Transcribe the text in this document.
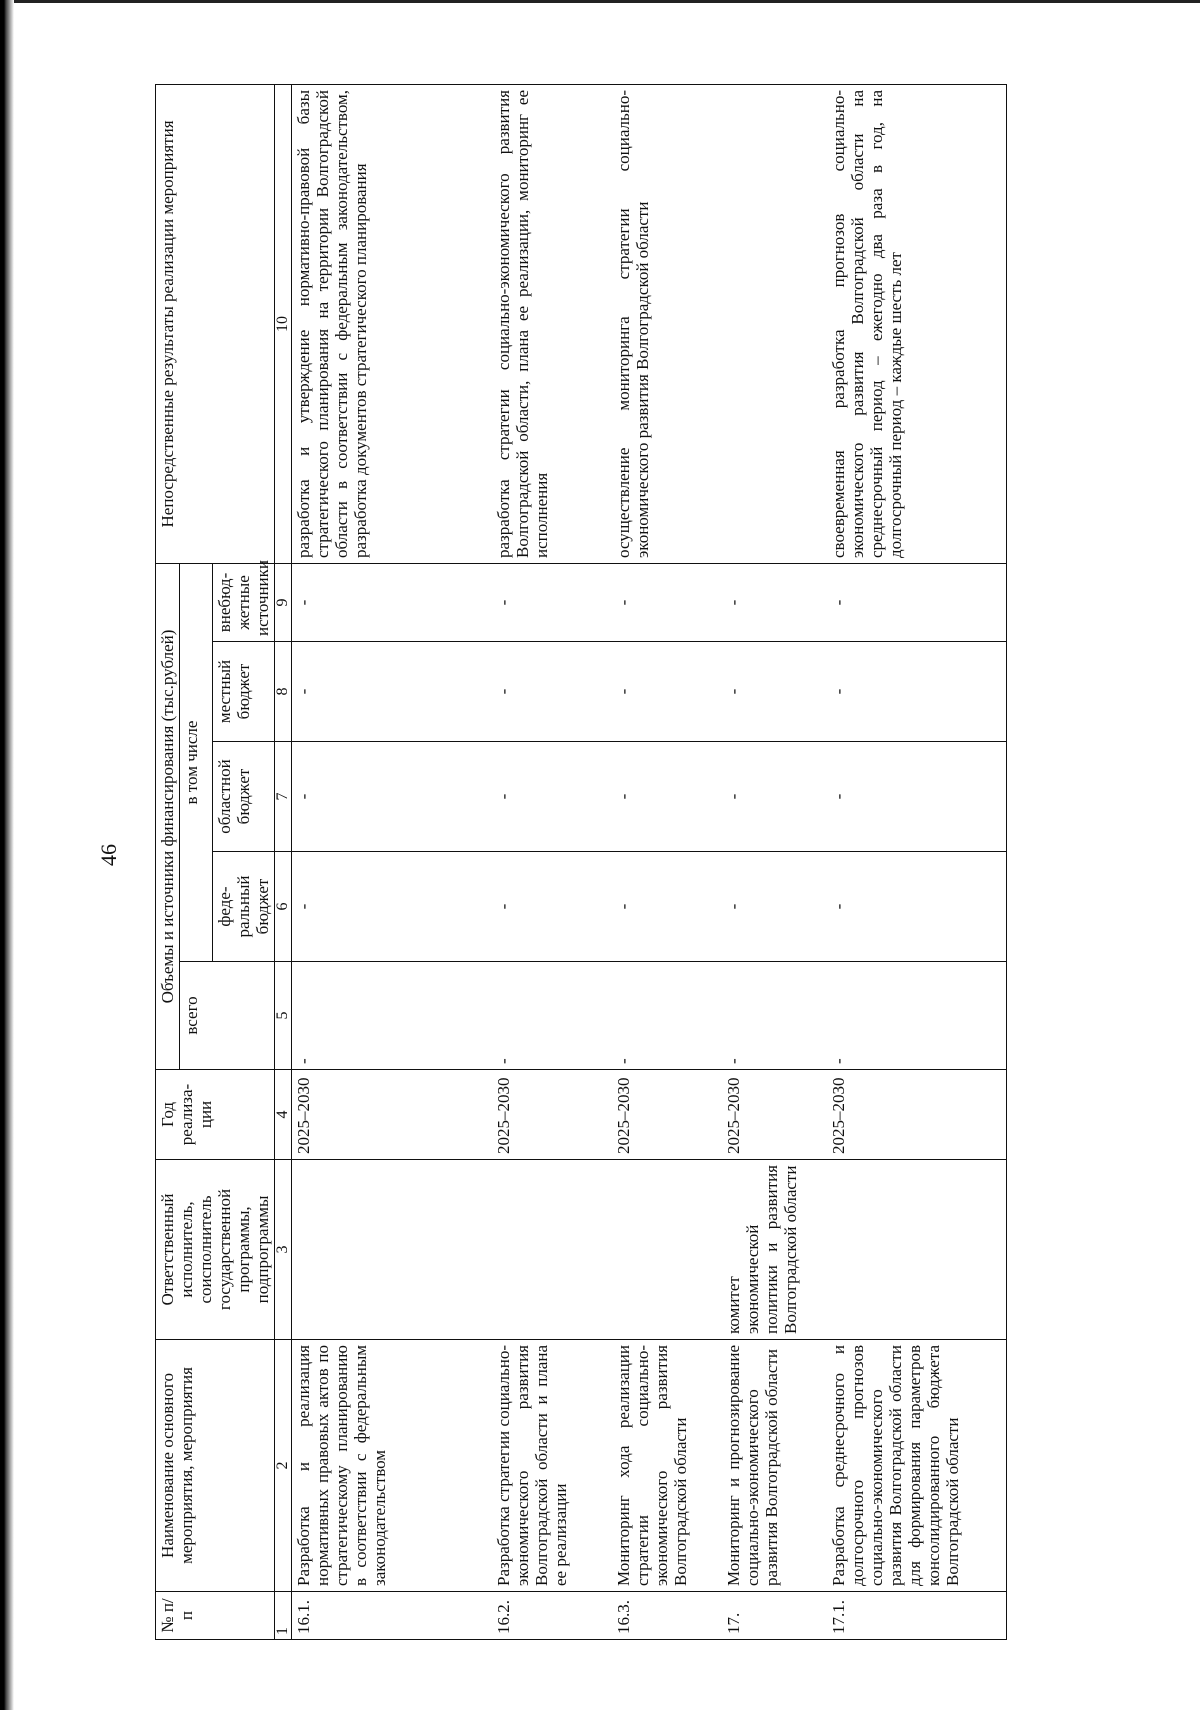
46
№ п/п	Наименование основного мероприятия, мероприятия	Ответственный исполнитель, соисполнитель государственной программы, подпрограммы	Год реализа-ции	Объемы и источники финансирования (тыс.рублей)					Непосредственные результаты реализации мероприятия
				всего	в том числе				
					феде-ральный бюджет	областной бюджет	местный бюджет	внебюд-жетные источники	
1	2	3	4	5	6	7	8	9	10
16.1.	Разработка и реализация нормативных правовых актов по стратегическому планированию в соответствии с федеральным законодательством		2025–2030	-	-	-	-	-	разработка и утверждение нормативно-правовой базы стратегического планирования на территории Волгоградской области в соответствии с федеральным законодательством, разработка документов стратегического планирования
16.2.	Разработка стратегии социально-экономического развития Волгоградской области и плана ее реализации		2025–2030	-	-	-	-	-	разработка стратегии социально-экономического развития Волгоградской области, плана ее реализации, мониторинг ее исполнения
16.3.	Мониторинг хода реализации стратегии социально-экономического развития Волгоградской области		2025–2030	-	-	-	-	-	осуществление мониторинга стратегии социально-экономического развития Волгоградской области
17.	Мониторинг и прогнозирование социально-экономического развития Волгоградской области	комитет экономической политики и развития Волгоградской области	2025–2030	-	-	-	-	-	
17.1.	Разработка среднесрочного и долгосрочного прогнозов социально-экономического развития Волгоградской области для формирования параметров консолидированного бюджета Волгоградской области		2025–2030	-	-	-	-	-	своевременная разработка прогнозов социально-экономического развития Волгоградской области на среднесрочный период – ежегодно два раза в год, на долгосрочный период – каждые шесть лет
